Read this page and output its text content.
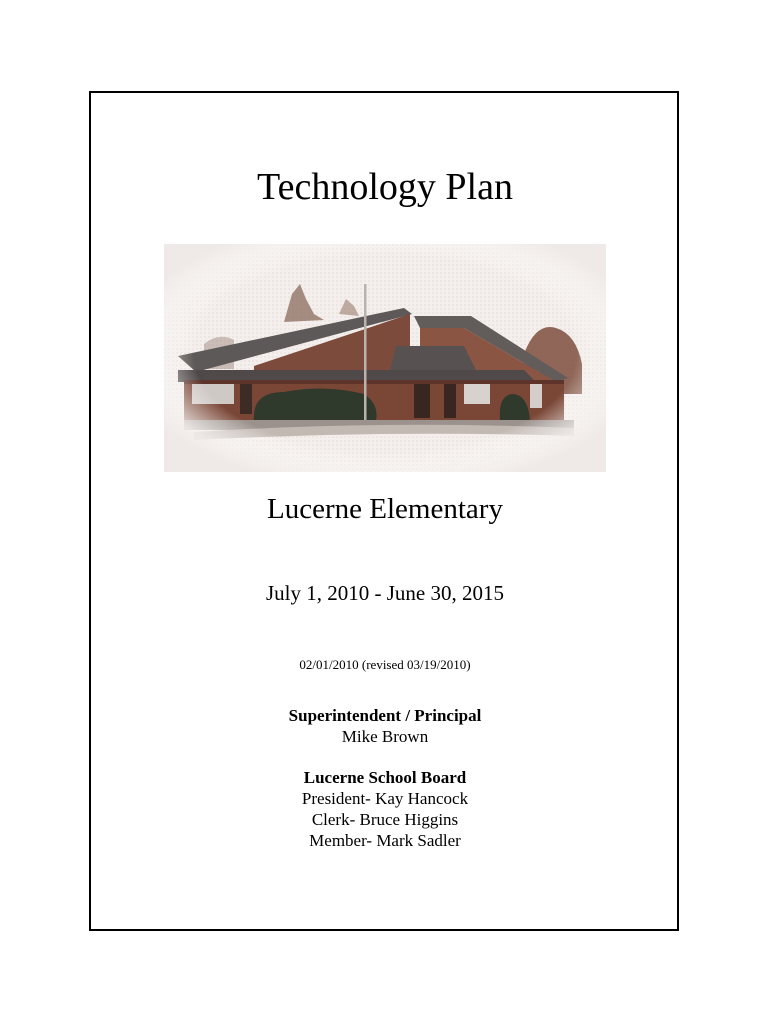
Technology Plan
Lucerne Elementary
July 1, 2010 - June 30, 2015
02/01/2010 (revised 03/19/2010)
Superintendent / Principal
Mike Brown
Lucerne School Board
President- Kay Hancock
Clerk- Bruce Higgins
Member- Mark Sadler
